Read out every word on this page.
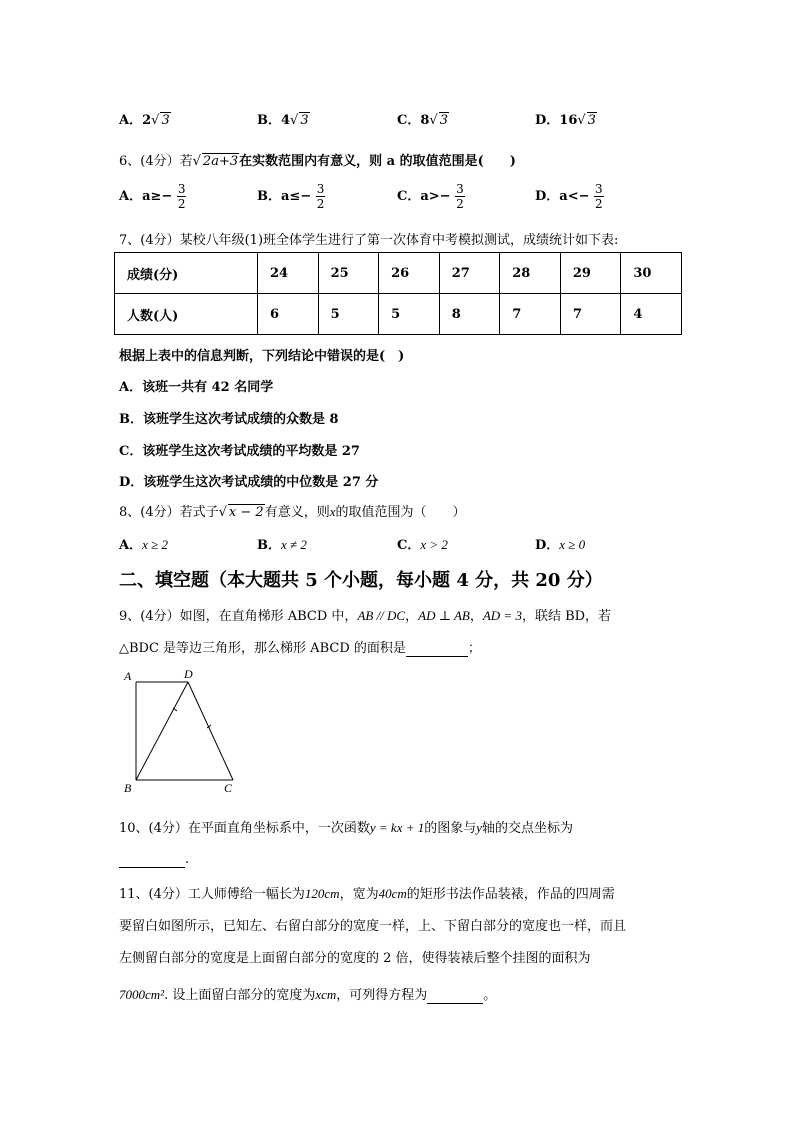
A．2√ 3	B．4√ 3	C．8√ 3	D．16√ 3
6、(4分）若√ 2a+3在实数范围内有意义，则 a 的取值范围是(　　)
A．$a\ge- \frac{3}{2}$	B．$a\le- \frac{3}{2}$	C．$a>- \frac{3}{2}$	D．$a<- \frac{3}{2}$
7、(4分）某校八年级(1)班全体学生进行了第一次体育中考模拟测试，成绩统计如下表:
成绩(分)	24	25	26	27	28	29	30
人数(人)	6	5	5	8	7	7	4
根据上表中的信息判断，下列结论中错误的是(　)
A．该班一共有 42 名同学
B．该班学生这次考试成绩的众数是 8
C．该班学生这次考试成绩的平均数是 27
D．该班学生这次考试成绩的中位数是 27 分
8、(4分）若式子√ x − 2有意义，则x的取值范围为（　　）
A．x ≥ 2	B．x ≠ 2	C．x > 2	D．x ≥ 0
二、填空题（本大题共 5 个小题，每小题 4 分，共 20 分）
9、(4分）如图，在直角梯形 ABCD 中，AB // DC，AD ⊥ AB，AD = 3，联结 BD，若
△BDC 是等边三角形，那么梯形 ABCD 的面积是	；
A	D
B	C
10、(4分）在平面直角坐标系中，一次函数y = kx + 1的图象与y轴的交点坐标为
.
11、(4分）工人师傅给一幅长为120cm，宽为40cm的矩形书法作品装裱，作品的四周需
要留白如图所示，已知左、右留白部分的宽度一样，上、下留白部分的宽度也一样，而且
左侧留白部分的宽度是上面留白部分的宽度的 2 倍，使得装裱后整个挂图的面积为
7000cm². 设上面留白部分的宽度为xcm，可列得方程为	。
